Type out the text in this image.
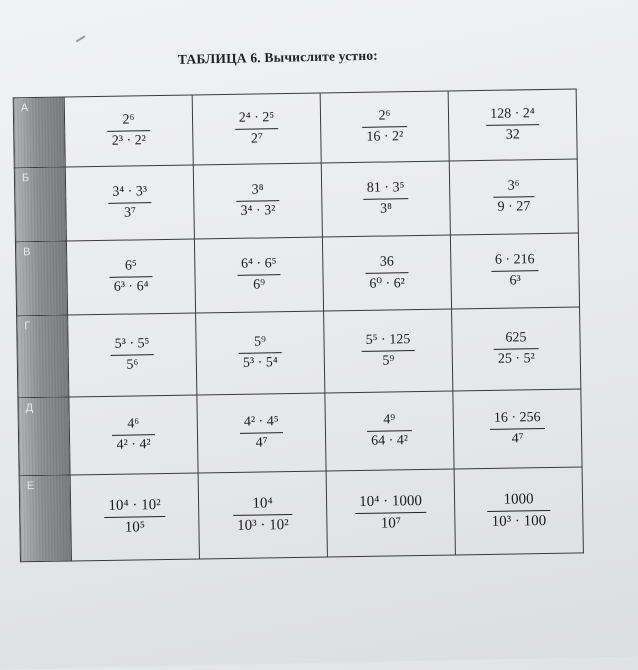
ТАБЛИЦА 6. Вычислите устно:
А	$\frac{\text{2⁶}}{\text{2³ · 2²}}$	$\frac{\text{2⁴ · 2⁵}}{\text{2⁷}}$	$\frac{\text{2⁶}}{\text{16 · 2²}}$	$\frac{\text{128 · 2⁴}}{32}$

Б	$\frac{\text{3⁴ · 3³}}{\text{3⁷}}$	$\frac{\text{3⁸}}{\text{3⁴ · 3²}}$	$\frac{\text{81 · 3⁵}}{\text{3⁸}}$	$\frac{\text{3⁶}}{9 \cdot 27}$

В	$\frac{\text{6⁵}}{\text{6³ · 6⁴}}$	$\frac{\text{6⁴ · 6⁵}}{\text{6⁹}}$	$\frac{36}{\text{6⁰ · 6²}}$	$\frac{6 \cdot 216}{\text{6³}}$

Г	$\frac{\text{5³ · 5⁵}}{\text{5⁶}}$	$\frac{\text{5⁹}}{\text{5³ · 5⁴}}$	$\frac{\text{5⁵ · 125}}{\text{5⁹}}$	$\frac{625}{\text{25 · 5²}}$

Д	$\frac{\text{4⁶}}{\text{4² · 4²}}$	$\frac{\text{4² · 4⁵}}{\text{4⁷}}$	$\frac{\text{4⁹}}{\text{64 · 4²}}$	$\frac{16 \cdot 256}{\text{4⁷}}$

Е	$\frac{\text{10⁴ · 10²}}{\text{10⁵}}$	$\frac{\text{10⁴}}{\text{10³ · 10²}}$	$\frac{\text{10⁴ · 1000}}{\text{10⁷}}$	$\frac{1000}{\text{10³ · 100}}$
